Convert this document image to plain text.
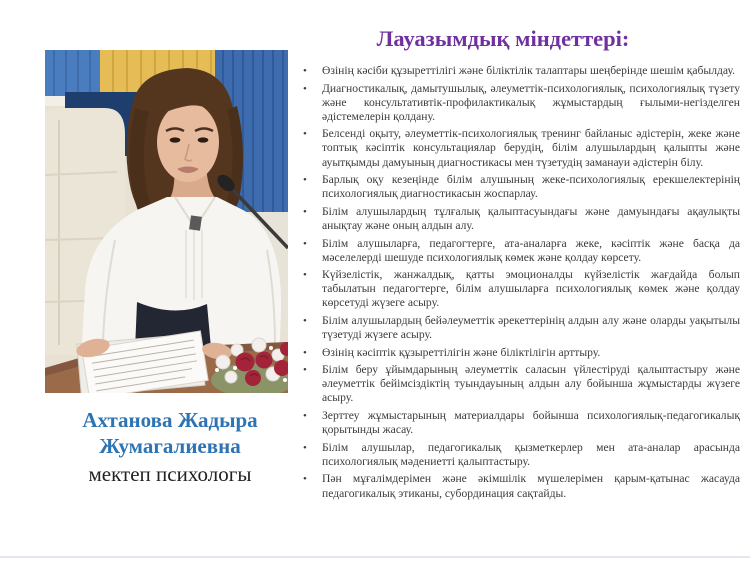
Ахтанова Жадыра Жумагалиевна
мектеп психологы
Лауазымдық міндеттері:
•	Өзінің кәсіби құзыреттілігі және біліктілік талаптары шеңберінде шешім қабылдау.
•	Диагностикалық, дамытушылық, әлеуметтік-психологиялық, психологиялық түзету және консультативтік-профилактикалық жұмыстардың ғылыми-негізделген әдістемелерін қолдану.
•	Белсенді оқыту, әлеуметтік-психологиялық тренинг байланыс әдістерін, жеке және топтық кәсіптік консультациялар берудің, білім алушылардың қалыпты және ауытқымды дамуының диагностикасы мен түзетудің заманауи әдістерін білу.
•	Барлық оқу кезеңінде білім алушының жеке-психологиялық ерекшелектерінің психологиялық диагностикасын жоспарлау.
•	Білім алушылардың тұлғалық қалыптасуындағы және дамуындағы ақаулықты анықтау және оның алдын алу.
•	Білім алушыларға, педагогтерге, ата-аналарға жеке, кәсіптік және басқа да мәселелерді шешуде психологиялық көмек және қолдау көрсету.
•	Күйзелістік, жанжалдық, қатты эмоционалды күйзелістік жағдайда болып табылатын педагогтерге, білім алушыларға психологиялық көмек және қолдау көрсетуді жүзеге асыру.
•	Білім алушылардың бейәлеуметтік әрекеттерінің алдын алу және оларды уақытылы түзетуді жүзеге асыру.
•	Өзінің кәсіптік құзыреттілігін және біліктілігін арттыру.
•	Білім беру ұйымдарының әлеуметтік саласын үйлестіруді қалыптастыру және әлеуметтік бейімсіздіктің туындауының алдын алу бойынша жұмыстарды жүзеге асыру.
•	Зерттеу жұмыстарының материалдары бойынша психологиялық-педагогикалық қорытынды жасау.
•	Білім алушылар, педагогикалық қызметкерлер мен ата-аналар арасында психологиялық мәдениетті қалыптастыру.
•	Пән мұғалімдерімен және әкімшілік мүшелерімен қарым-қатынас жасауда педагогикалық этиканы, субординация сақтайды.
